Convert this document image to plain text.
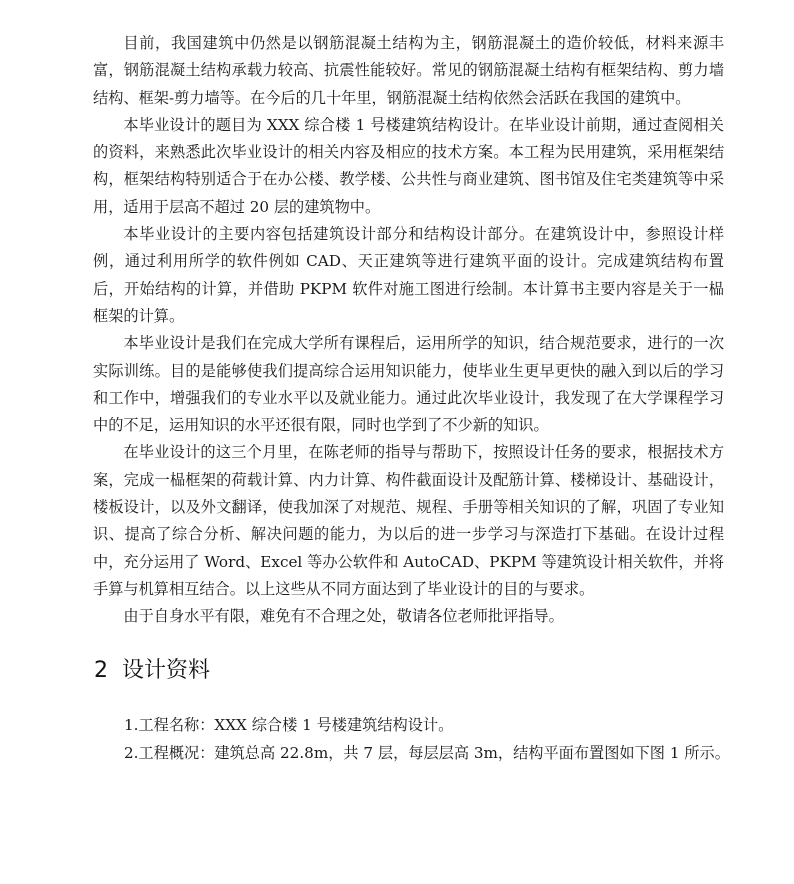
目前，我国建筑中仍然是以钢筋混凝土结构为主，钢筋混凝土的造价较低，材料来源丰富，钢筋混凝土结构承载力较高、抗震性能较好。常见的钢筋混凝土结构有框架结构、剪力墙结构、框架-剪力墙等。在今后的几十年里，钢筋混凝土结构依然会活跃在我国的建筑中。

本毕业设计的题目为 XXX 综合楼 1 号楼建筑结构设计。在毕业设计前期，通过查阅相关的资料，来熟悉此次毕业设计的相关内容及相应的技术方案。本工程为民用建筑，采用框架结构，框架结构特别适合于在办公楼、教学楼、公共性与商业建筑、图书馆及住宅类建筑等中采用，适用于层高不超过 20 层的建筑物中。

本毕业设计的主要内容包括建筑设计部分和结构设计部分。在建筑设计中，参照设计样例，通过利用所学的软件例如 CAD、天正建筑等进行建筑平面的设计。完成建筑结构布置后，开始结构的计算，并借助 PKPM 软件对施工图进行绘制。本计算书主要内容是关于一榀框架的计算。

本毕业设计是我们在完成大学所有课程后，运用所学的知识，结合规范要求，进行的一次实际训练。目的是能够使我们提高综合运用知识能力，使毕业生更早更快的融入到以后的学习和工作中，增强我们的专业水平以及就业能力。通过此次毕业设计，我发现了在大学课程学习中的不足，运用知识的水平还很有限，同时也学到了不少新的知识。

在毕业设计的这三个月里，在陈老师的指导与帮助下，按照设计任务的要求，根据技术方案，完成一榀框架的荷载计算、内力计算、构件截面设计及配筋计算、楼梯设计、基础设计，楼板设计，以及外文翻译，使我加深了对规范、规程、手册等相关知识的了解，巩固了专业知识、提高了综合分析、解决问题的能力，为以后的进一步学习与深造打下基础。在设计过程中，充分运用了 Word、Excel 等办公软件和 AutoCAD、PKPM 等建筑设计相关软件，并将手算与机算相互结合。以上这些从不同方面达到了毕业设计的目的与要求。

由于自身水平有限，难免有不合理之处，敬请各位老师批评指导。

2 设计资料

1.工程名称：XXX 综合楼 1 号楼建筑结构设计。

2.工程概况：建筑总高 22.8m，共 7 层，每层层高 3m，结构平面布置图如下图 1 所示。
